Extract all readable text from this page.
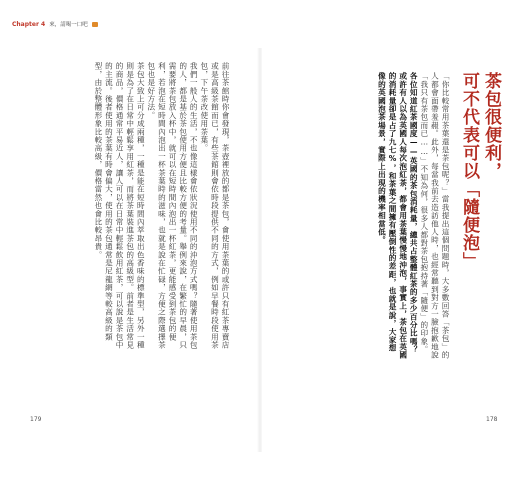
Chapter 4 來，請喝一口吧

前往茶館時你會發現，茶壺裡放的都是茶包，會使用茶葉的或許只有紅茶專賣店或是高級茶館而已，有些茶館則會依時段提供不同的方式，例如早餐時段使用茶包，下午茶改使用茶葉。

我們一般人的生活，不也像這樣會依狀況使用不同的沖泡方式嗎？隨著使用茶包的人，都是基於茶包使用方便且比較方便的考量。舉例來說，在繁忙的早晨，只需要將茶包放入杯中，就可以在短時間內泡出一杯紅茶，更能感受到茶包的便利，若泡在短時間內泡出一杯茶葉時的滋味，也就是說在忙碌，方便之際選擇茶包也是好方法。

茶包大致上可分成兩種，一種是能在短時間內萃取出色香味的標準型，另外一種則是為了在日常中輕鬆享用紅茶，而將茶葉裝進茶包的高級型。前者是生活常見的商品，價格通常平易近人，讓人可以在日常中輕鬆飲用紅茶，可以說是茶包中的主流。後者使用的茶葉有時會偏大，使用的茶包通常是尼龍網等較高級的類型，由於整體形象比較高級，價格當然也會比較昂貴。	「你比較常用茶葉還是茶包呢？」當我提出這個問題時，大多數回答「茶包」的人都會面帶羞赧。此外，每當我前去造訪他人時，也經常聽到對方一臉抱歉地說「我只有茶包而已……」不知為何，很多人都對茶包抱持著「隨便」的印象。

各位知道紅茶國度——英國的茶包消耗量，總共占整體紅茶的多少百分比嗎？或許有人以為英國人每次泡紅茶，都會用茶葉慢慢地沖泡，事實上，茶包在英國的消耗量卻是占了九七%，和茶葉之間擁有壓倒性的差距，也就是說，大家想像的英國泡茶場景，實際上出現的機率相當低。	茶包很便利，
可不代表可以「隨便泡」
179	178
